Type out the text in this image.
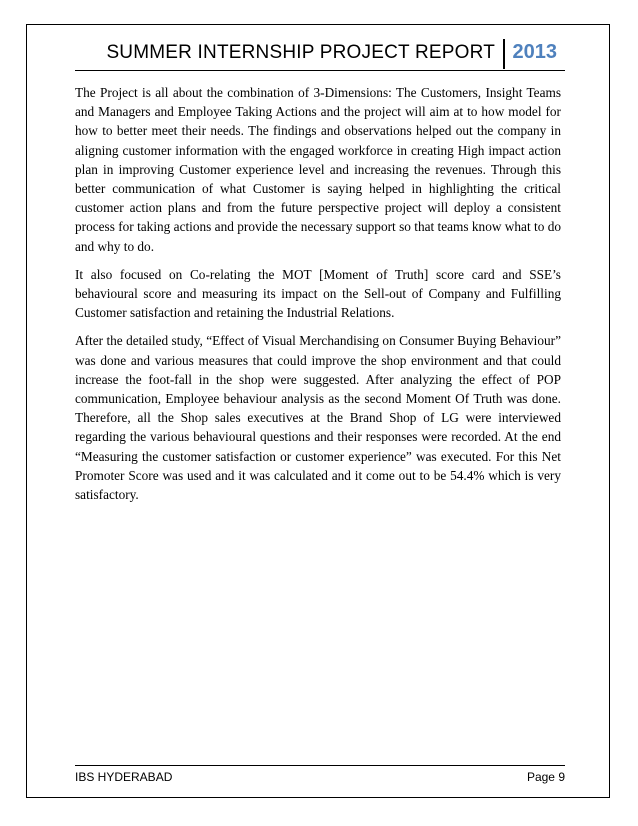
SUMMER INTERNSHIP PROJECT REPORT 2013

The Project is all about the combination of 3-Dimensions: The Customers, Insight Teams and Managers and Employee Taking Actions and the project will aim at to how model for how to better meet their needs. The findings and observations helped out the company in aligning customer information with the engaged workforce in creating High impact action plan in improving Customer experience level and increasing the revenues. Through this better communication of what Customer is saying helped in highlighting the critical customer action plans and from the future perspective project will deploy a consistent process for taking actions and provide the necessary support so that teams know what to do and why to do.

It also focused on Co-relating the MOT [Moment of Truth] score card and SSE’s behavioural score and measuring its impact on the Sell-out of Company and Fulfilling Customer satisfaction and retaining the Industrial Relations.

After the detailed study, “Effect of Visual Merchandising on Consumer Buying Behaviour” was done and various measures that could improve the shop environment and that could increase the foot-fall in the shop were suggested. After analyzing the effect of POP communication, Employee behaviour analysis as the second Moment Of Truth was done. Therefore, all the Shop sales executives at the Brand Shop of LG were interviewed regarding the various behavioural questions and their responses were recorded. At the end “Measuring the customer satisfaction or customer experience” was executed. For this Net Promoter Score was used and it was calculated and it come out to be 54.4% which is very satisfactory.

IBS HYDERABAD	Page 9
